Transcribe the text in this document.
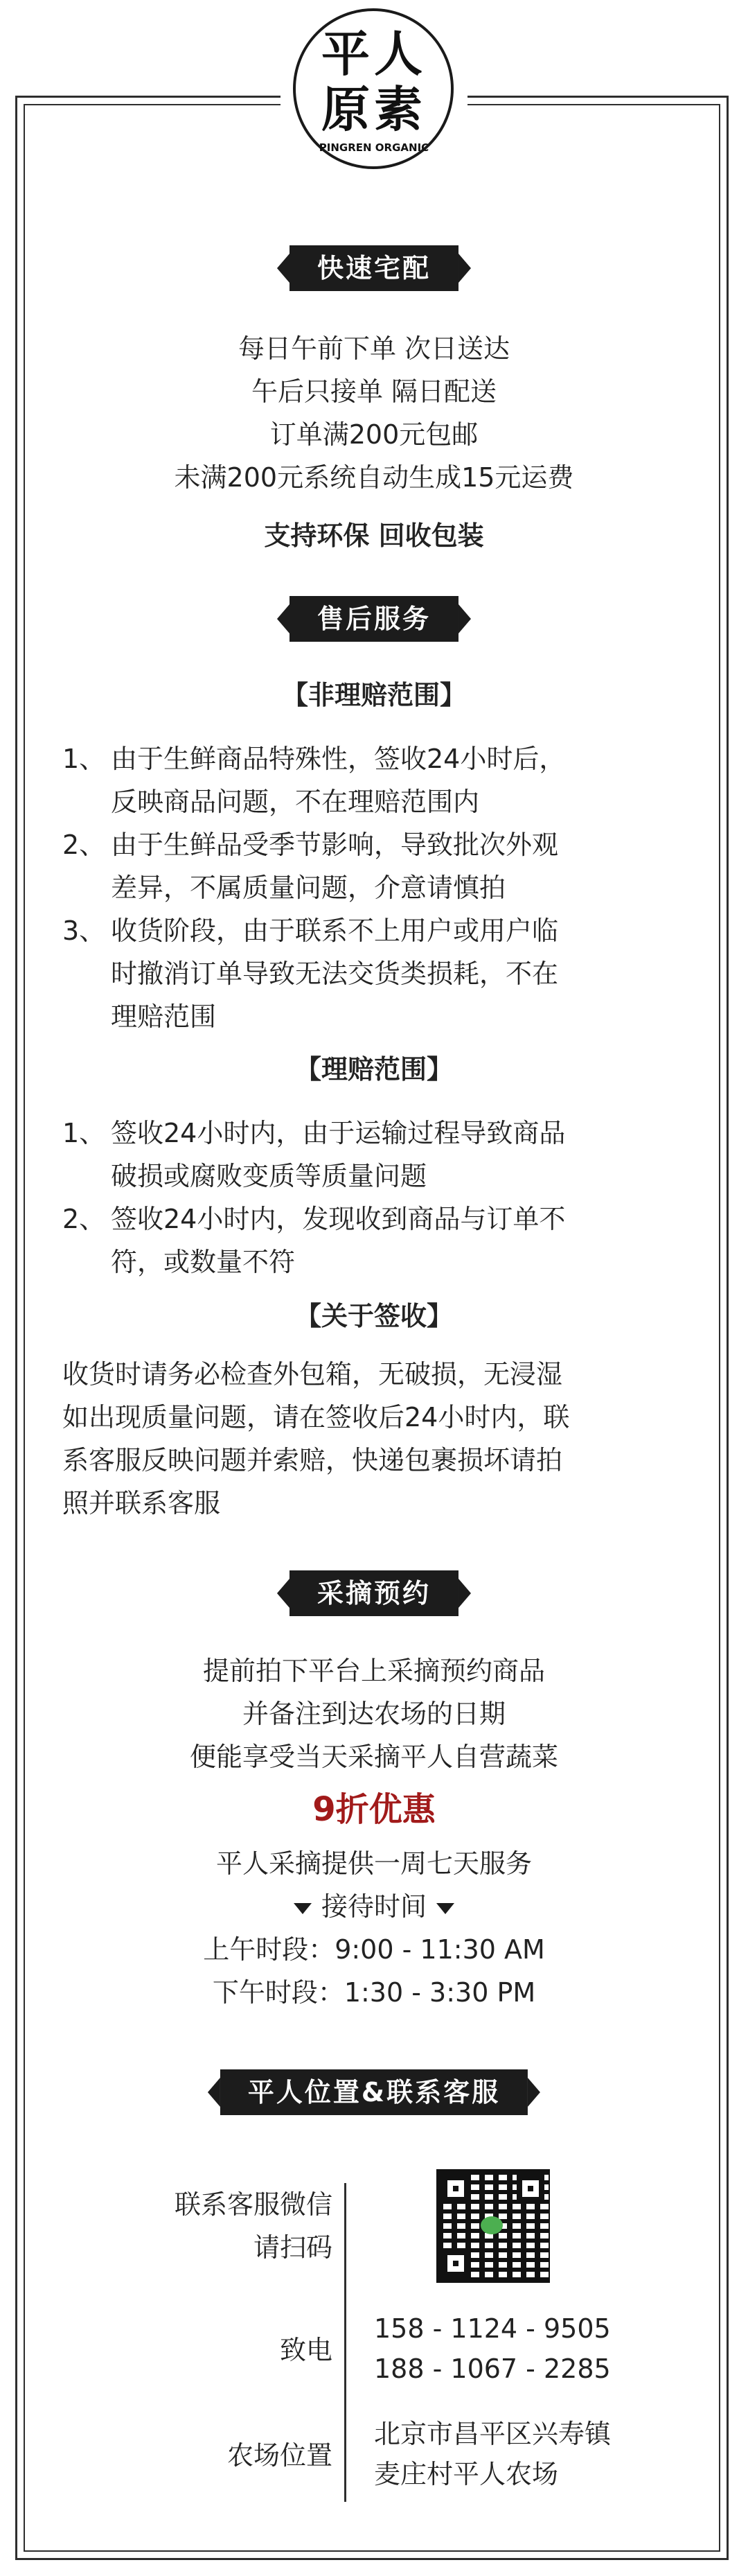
平人
原素
PINGREN ORGANIC
快速宅配
每日午前下单 次日送达
午后只接单 隔日配送
订单满200元包邮
未满200元系统自动生成15元运费
支持环保 回收包装
售后服务
【非理赔范围】
1、 由于生鲜商品特殊性，签收24小时后，
反映商品问题，不在理赔范围内
2、 由于生鲜品受季节影响，导致批次外观
差异，不属质量问题，介意请慎拍
3、 收货阶段，由于联系不上用户或用户临
时撤消订单导致无法交货类损耗，不在
理赔范围
【理赔范围】
1、 签收24小时内，由于运输过程导致商品
破损或腐败变质等质量问题
2、 签收24小时内，发现收到商品与订单不
符，或数量不符
【关于签收】
收货时请务必检查外包箱，无破损，无浸湿
如出现质量问题，请在签收后24小时内，联
系客服反映问题并索赔，快递包裹损坏请拍
照并联系客服
采摘预约
提前拍下平台上采摘预约商品
并备注到达农场的日期
便能享受当天采摘平人自营蔬菜
9折优惠
平人采摘提供一周七天服务
接待时间
上午时段：9:00 - 11:30 AM
下午时段：1:30 - 3:30 PM
平人位置&联系客服
联系客服微信
请扫码
致电
158 - 1124 - 9505
188 - 1067 - 2285
农场位置
北京市昌平区兴寿镇
麦庄村平人农场
